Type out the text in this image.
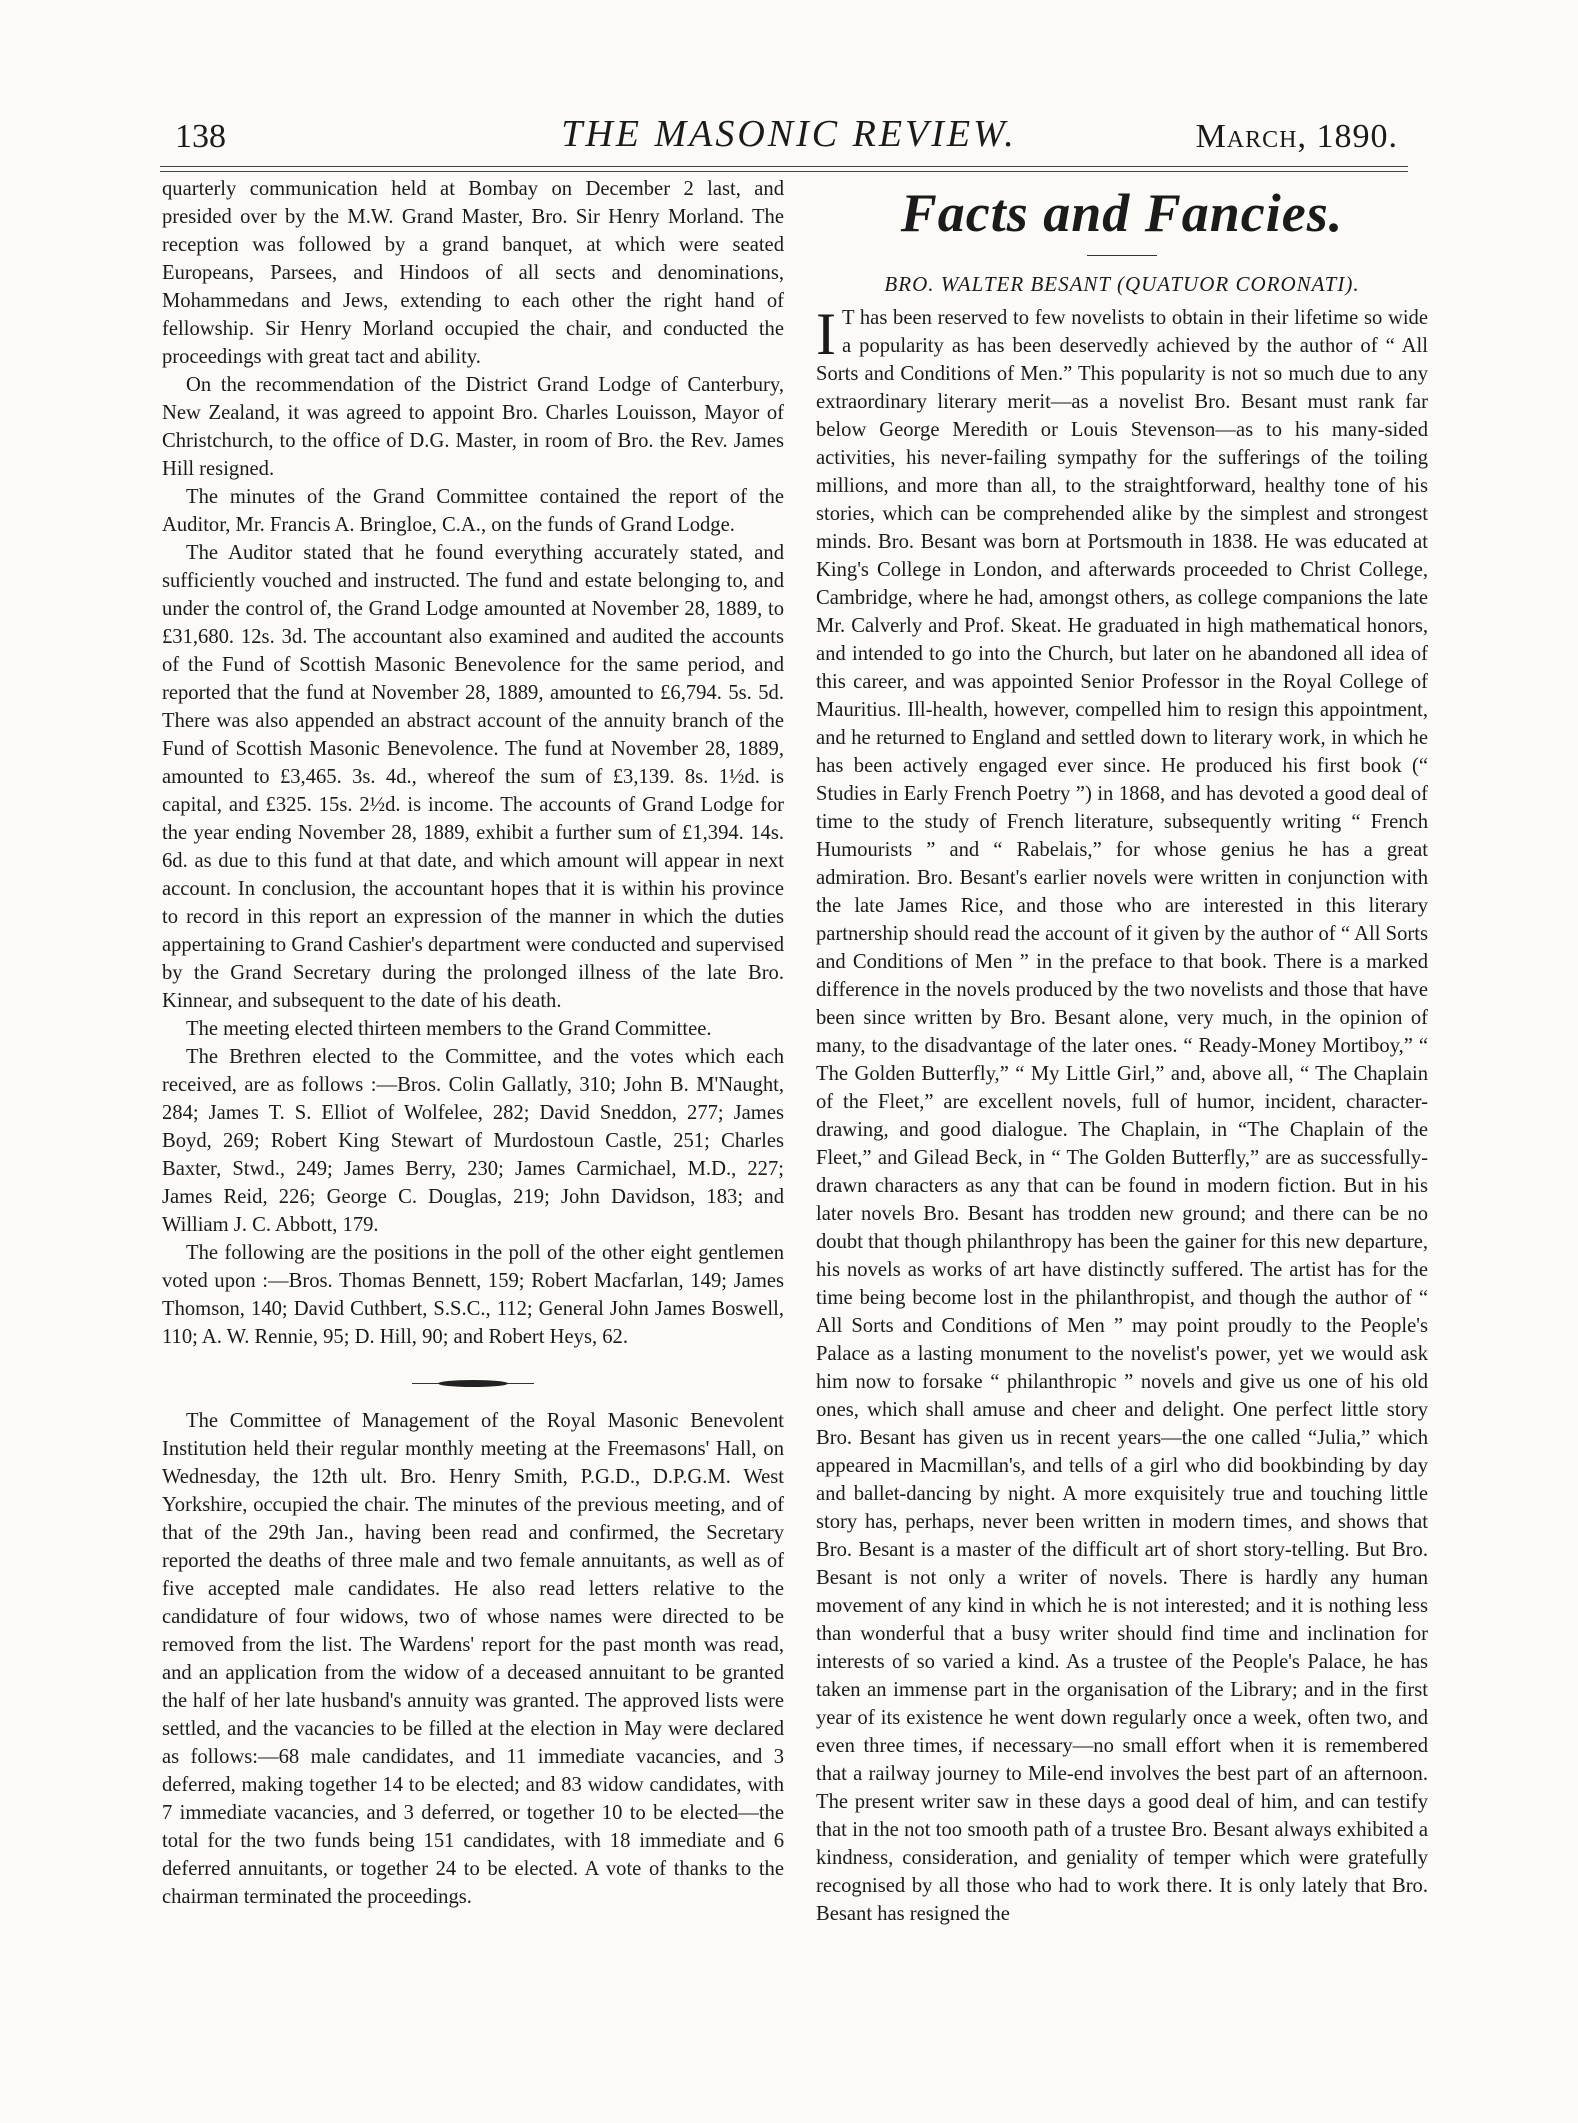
138	THE MASONIC REVIEW.	March, 1890.

quarterly communication held at Bombay on December 2 last, and presided over by the M.W. Grand Master, Bro. Sir Henry Morland. The reception was followed by a grand banquet, at which were seated Europeans, Parsees, and Hindoos of all sects and denominations, Mohammedans and Jews, extending to each other the right hand of fellowship. Sir Henry Morland occupied the chair, and conducted the proceedings with great tact and ability.

On the recommendation of the District Grand Lodge of Canterbury, New Zealand, it was agreed to appoint Bro. Charles Louisson, Mayor of Christchurch, to the office of D.G. Master, in room of Bro. the Rev. James Hill resigned.

The minutes of the Grand Committee contained the report of the Auditor, Mr. Francis A. Bringloe, C.A., on the funds of Grand Lodge.

The Auditor stated that he found everything accurately stated, and sufficiently vouched and instructed. The fund and estate belonging to, and under the control of, the Grand Lodge amounted at November 28, 1889, to £31,680. 12s. 3d. The accountant also examined and audited the accounts of the Fund of Scottish Masonic Benevolence for the same period, and reported that the fund at November 28, 1889, amounted to £6,794. 5s. 5d. There was also appended an abstract account of the annuity branch of the Fund of Scottish Masonic Benevolence. The fund at November 28, 1889, amounted to £3,465. 3s. 4d., whereof the sum of £3,139. 8s. 1½d. is capital, and £325. 15s. 2½d. is income. The accounts of Grand Lodge for the year ending November 28, 1889, exhibit a further sum of £1,394. 14s. 6d. as due to this fund at that date, and which amount will appear in next account. In conclusion, the accountant hopes that it is within his province to record in this report an expression of the manner in which the duties appertaining to Grand Cashier's department were conducted and supervised by the Grand Secretary during the prolonged illness of the late Bro. Kinnear, and subsequent to the date of his death.

The meeting elected thirteen members to the Grand Committee.

The Brethren elected to the Committee, and the votes which each received, are as follows :—Bros. Colin Gallatly, 310; John B. M'Naught, 284; James T. S. Elliot of Wolfelee, 282; David Sneddon, 277; James Boyd, 269; Robert King Stewart of Murdostoun Castle, 251; Charles Baxter, Stwd., 249; James Berry, 230; James Carmichael, M.D., 227; James Reid, 226; George C. Douglas, 219; John Davidson, 183; and William J. C. Abbott, 179.

The following are the positions in the poll of the other eight gentlemen voted upon :—Bros. Thomas Bennett, 159; Robert Macfarlan, 149; James Thomson, 140; David Cuthbert, S.S.C., 112; General John James Boswell, 110; A. W. Rennie, 95; D. Hill, 90; and Robert Heys, 62.

The Committee of Management of the Royal Masonic Benevolent Institution held their regular monthly meeting at the Freemasons' Hall, on Wednesday, the 12th ult. Bro. Henry Smith, P.G.D., D.P.G.M. West Yorkshire, occupied the chair. The minutes of the previous meeting, and of that of the 29th Jan., having been read and confirmed, the Secretary reported the deaths of three male and two female annuitants, as well as of five accepted male candidates. He also read letters relative to the candidature of four widows, two of whose names were directed to be removed from the list. The Wardens' report for the past month was read, and an application from the widow of a deceased annuitant to be granted the half of her late husband's annuity was granted. The approved lists were settled, and the vacancies to be filled at the election in May were declared as follows:—68 male candidates, and 11 immediate vacancies, and 3 deferred, making together 14 to be elected; and 83 widow candidates, with 7 immediate vacancies, and 3 deferred, or together 10 to be elected—the total for the two funds being 151 candidates, with 18 immediate and 6 deferred annuitants, or together 24 to be elected. A vote of thanks to the chairman terminated the proceedings.

Facts and Fancies.
BRO. WALTER BESANT (QUATUOR CORONATI).

I T has been reserved to few novelists to obtain in their lifetime so wide a popularity as has been deservedly achieved by the author of “ All Sorts and Conditions of Men.” This popularity is not so much due to any extraordinary literary merit—as a novelist Bro. Besant must rank far below George Meredith or Louis Stevenson—as to his many-sided activities, his never-failing sympathy for the sufferings of the toiling millions, and more than all, to the straightforward, healthy tone of his stories, which can be comprehended alike by the simplest and strongest minds. Bro. Besant was born at Portsmouth in 1838. He was educated at King's College in London, and afterwards proceeded to Christ College, Cambridge, where he had, amongst others, as college companions the late Mr. Calverly and Prof. Skeat. He graduated in high mathematical honors, and intended to go into the Church, but later on he abandoned all idea of this career, and was appointed Senior Professor in the Royal College of Mauritius. Ill-health, however, compelled him to resign this appointment, and he returned to England and settled down to literary work, in which he has been actively engaged ever since. He produced his first book (“ Studies in Early French Poetry ”) in 1868, and has devoted a good deal of time to the study of French literature, subsequently writing “ French Humourists ” and “ Rabelais,” for whose genius he has a great admiration. Bro. Besant's earlier novels were written in conjunction with the late James Rice, and those who are interested in this literary partnership should read the account of it given by the author of “ All Sorts and Conditions of Men ” in the preface to that book. There is a marked difference in the novels produced by the two novelists and those that have been since written by Bro. Besant alone, very much, in the opinion of many, to the disadvantage of the later ones. “ Ready-Money Mortiboy,” “ The Golden Butterfly,” “ My Little Girl,” and, above all, “ The Chaplain of the Fleet,” are excellent novels, full of humor, incident, character-drawing, and good dialogue. The Chaplain, in “The Chaplain of the Fleet,” and Gilead Beck, in “ The Golden Butterfly,” are as successfully-drawn characters as any that can be found in modern fiction. But in his later novels Bro. Besant has trodden new ground; and there can be no doubt that though philanthropy has been the gainer for this new departure, his novels as works of art have distinctly suffered. The artist has for the time being become lost in the philanthropist, and though the author of “ All Sorts and Conditions of Men ” may point proudly to the People's Palace as a lasting monument to the novelist's power, yet we would ask him now to forsake “ philanthropic ” novels and give us one of his old ones, which shall amuse and cheer and delight. One perfect little story Bro. Besant has given us in recent years—the one called “Julia,” which appeared in Macmillan's, and tells of a girl who did bookbinding by day and ballet-dancing by night. A more exquisitely true and touching little story has, perhaps, never been written in modern times, and shows that Bro. Besant is a master of the difficult art of short story-telling. But Bro. Besant is not only a writer of novels. There is hardly any human movement of any kind in which he is not interested; and it is nothing less than wonderful that a busy writer should find time and inclination for interests of so varied a kind. As a trustee of the People's Palace, he has taken an immense part in the organisation of the Library; and in the first year of its existence he went down regularly once a week, often two, and even three times, if necessary—no small effort when it is remembered that a railway journey to Mile-end involves the best part of an afternoon. The present writer saw in these days a good deal of him, and can testify that in the not too smooth path of a trustee Bro. Besant always exhibited a kindness, consideration, and geniality of temper which were gratefully recognised by all those who had to work there. It is only lately that Bro. Besant has resigned the
